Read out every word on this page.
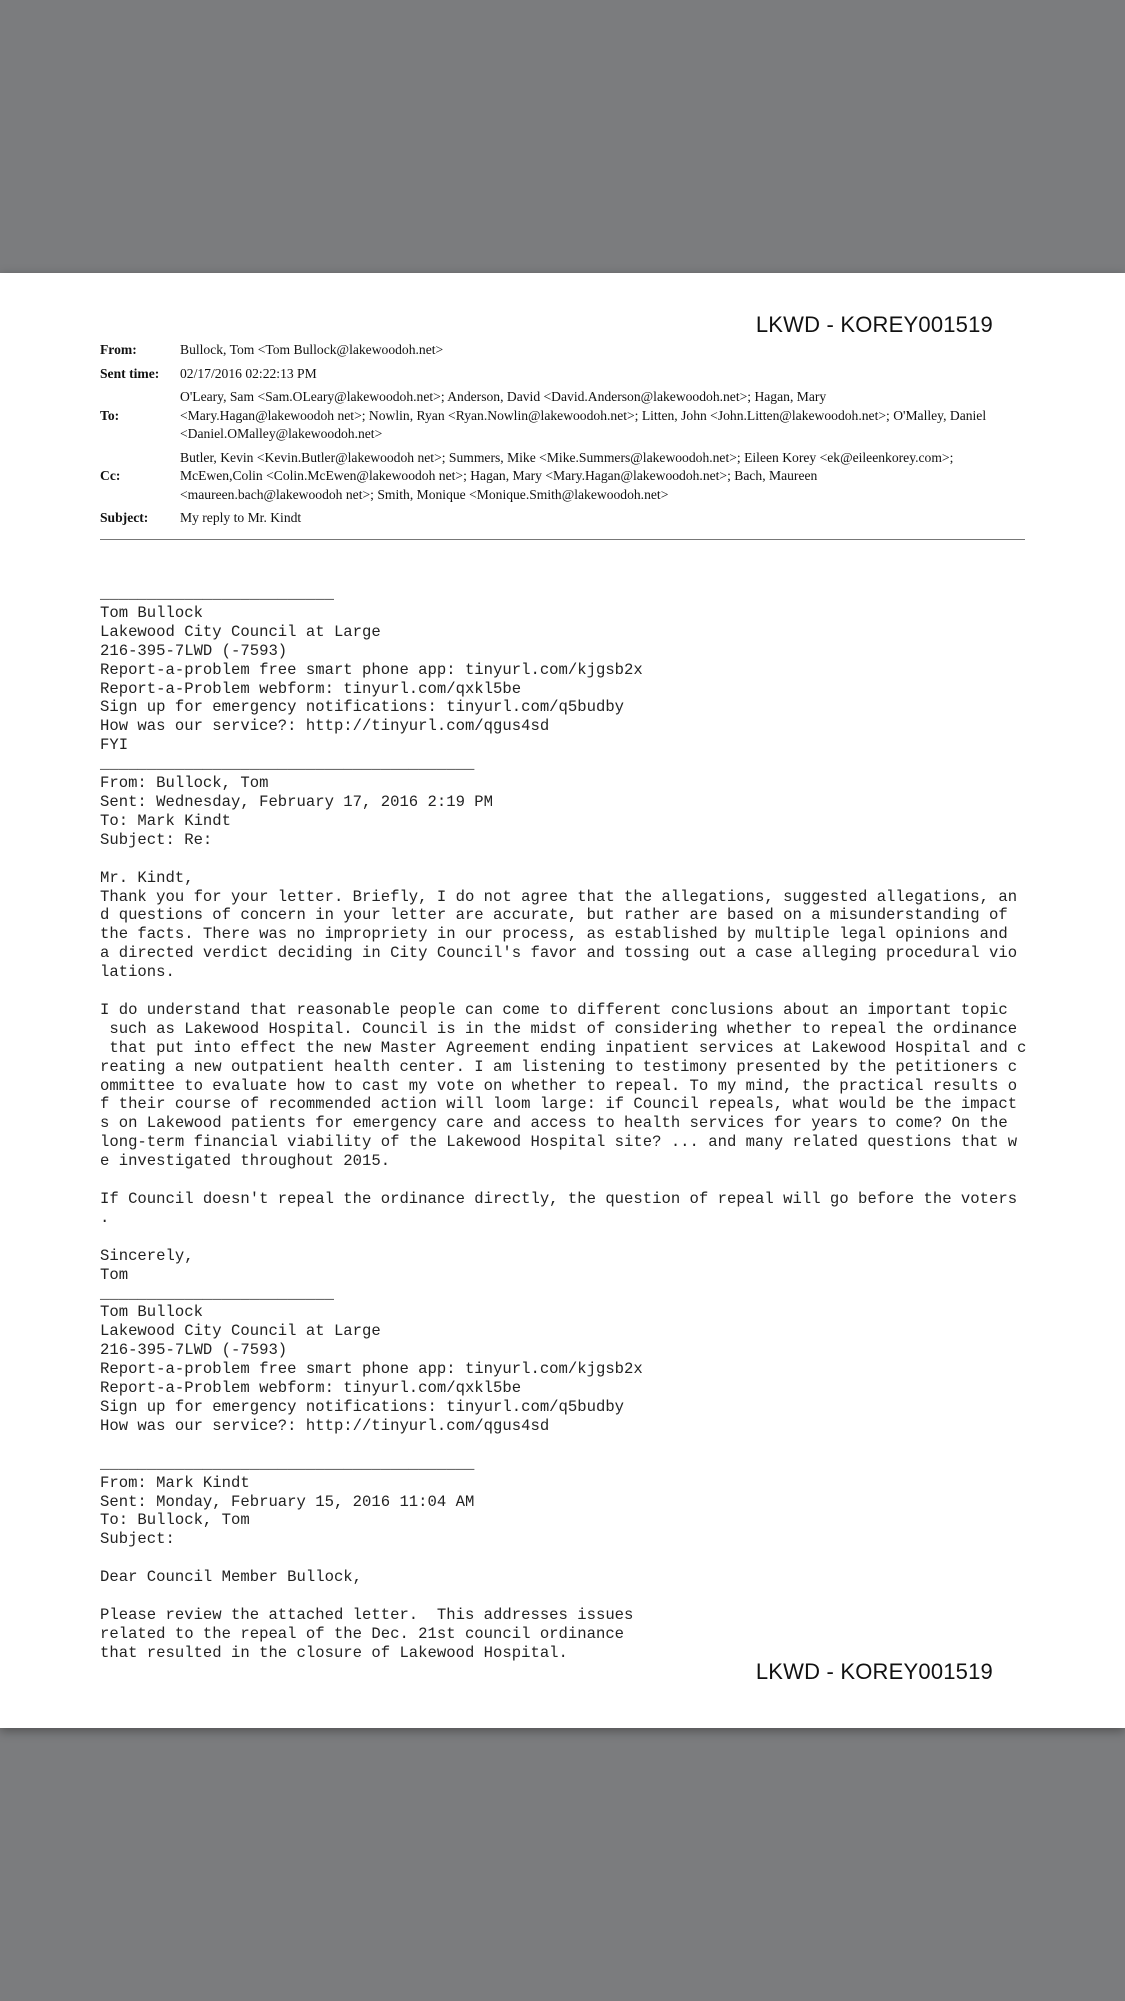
LKWD - KOREY001519
From:	Bullock, Tom <Tom Bullock@lakewoodoh.net>
Sent time:	02/17/2016 02:22:13 PM
To:	O'Leary, Sam <Sam.OLeary@lakewoodoh.net>; Anderson, David <David.Anderson@lakewoodoh.net>; Hagan, Mary
<Mary.Hagan@lakewoodoh net>; Nowlin, Ryan <Ryan.Nowlin@lakewoodoh.net>; Litten, John <John.Litten@lakewoodoh.net>; O'Malley, Daniel
<Daniel.OMalley@lakewoodoh.net>

Cc:	Butler, Kevin <Kevin.Butler@lakewoodoh net>; Summers, Mike <Mike.Summers@lakewoodoh.net>; Eileen Korey <ek@eileenkorey.com>;
McEwen,Colin <Colin.McEwen@lakewoodoh net>; Hagan, Mary <Mary.Hagan@lakewoodoh.net>; Bach, Maureen
<maureen.bach@lakewoodoh net>; Smith, Monique <Monique.Smith@lakewoodoh.net>

Subject:	My reply to Mr. Kindt
_________________________
Tom Bullock
Lakewood City Council at Large
216-395-7LWD (-7593)
Report-a-problem free smart phone app: tinyurl.com/kjgsb2x
Report-a-Problem webform: tinyurl.com/qxkl5be
Sign up for emergency notifications: tinyurl.com/q5budby
How was our service?: http://tinyurl.com/qgus4sd
FYI
________________________________________
From: Bullock, Tom
Sent: Wednesday, February 17, 2016 2:19 PM
To: Mark Kindt
Subject: Re:

Mr. Kindt,
Thank you for your letter. Briefly, I do not agree that the allegations, suggested allegations, an
d questions of concern in your letter are accurate, but rather are based on a misunderstanding of
the facts. There was no impropriety in our process, as established by multiple legal opinions and
a directed verdict deciding in City Council's favor and tossing out a case alleging procedural vio
lations.

I do understand that reasonable people can come to different conclusions about an important topic
such as Lakewood Hospital. Council is in the midst of considering whether to repeal the ordinance
that put into effect the new Master Agreement ending inpatient services at Lakewood Hospital and c
reating a new outpatient health center. I am listening to testimony presented by the petitioners c
ommittee to evaluate how to cast my vote on whether to repeal. To my mind, the practical results o
f their course of recommended action will loom large: if Council repeals, what would be the impact
s on Lakewood patients for emergency care and access to health services for years to come? On the
long-term financial viability of the Lakewood Hospital site? ... and many related questions that w
e investigated throughout 2015.

If Council doesn't repeal the ordinance directly, the question of repeal will go before the voters
.

Sincerely,
Tom
_________________________
Tom Bullock
Lakewood City Council at Large
216-395-7LWD (-7593)
Report-a-problem free smart phone app: tinyurl.com/kjgsb2x
Report-a-Problem webform: tinyurl.com/qxkl5be
Sign up for emergency notifications: tinyurl.com/q5budby
How was our service?: http://tinyurl.com/qgus4sd

________________________________________
From: Mark Kindt
Sent: Monday, February 15, 2016 11:04 AM
To: Bullock, Tom
Subject:

Dear Council Member Bullock,

Please review the attached letter.  This addresses issues
related to the repeal of the Dec. 21st council ordinance
that resulted in the closure of Lakewood Hospital.
LKWD - KOREY001519
